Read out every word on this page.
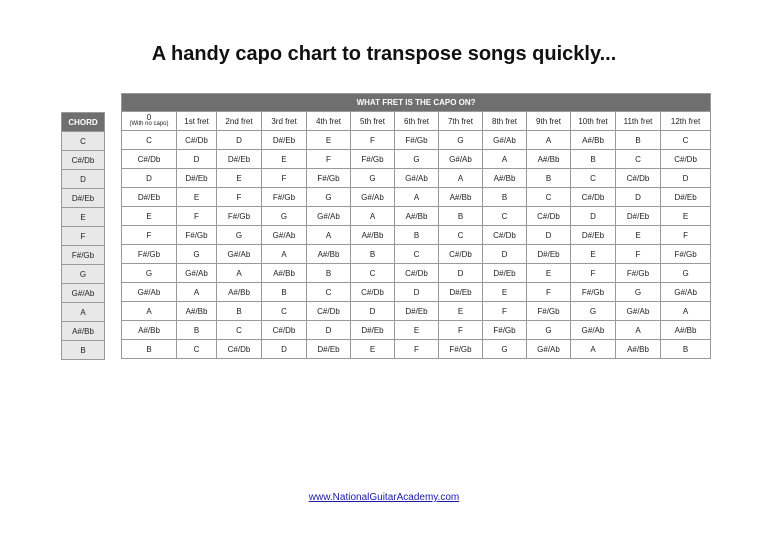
A handy capo chart to transpose songs quickly...
CHORD
C
C#/Db
D
D#/Eb
E
F
F#/Gb
G
G#/Ab
A
A#/Bb
B
WHAT FRET IS THE CAPO ON?												

0
(With no capo)	1st fret	2nd fret	3rd fret	4th fret	5th fret	6th fret	7th fret	8th fret	9th fret	10th fret	11th fret	12th fret
C	C#/Db	D	D#/Eb	E	F	F#/Gb	G	G#/Ab	A	A#/Bb	B	C
C#/Db	D	D#/Eb	E	F	F#/Gb	G	G#/Ab	A	A#/Bb	B	C	C#/Db
D	D#/Eb	E	F	F#/Gb	G	G#/Ab	A	A#/Bb	B	C	C#/Db	D
D#/Eb	E	F	F#/Gb	G	G#/Ab	A	A#/Bb	B	C	C#/Db	D	D#/Eb
E	F	F#/Gb	G	G#/Ab	A	A#/Bb	B	C	C#/Db	D	D#/Eb	E
F	F#/Gb	G	G#/Ab	A	A#/Bb	B	C	C#/Db	D	D#/Eb	E	F
F#/Gb	G	G#/Ab	A	A#/Bb	B	C	C#/Db	D	D#/Eb	E	F	F#/Gb
G	G#/Ab	A	A#/Bb	B	C	C#/Db	D	D#/Eb	E	F	F#/Gb	G
G#/Ab	A	A#/Bb	B	C	C#/Db	D	D#/Eb	E	F	F#/Gb	G	G#/Ab
A	A#/Bb	B	C	C#/Db	D	D#/Eb	E	F	F#/Gb	G	G#/Ab	A
A#/Bb	B	C	C#/Db	D	D#/Eb	E	F	F#/Gb	G	G#/Ab	A	A#/Bb
B	C	C#/Db	D	D#/Eb	E	F	F#/Gb	G	G#/Ab	A	A#/Bb	B
www.NationalGuitarAcademy.com
